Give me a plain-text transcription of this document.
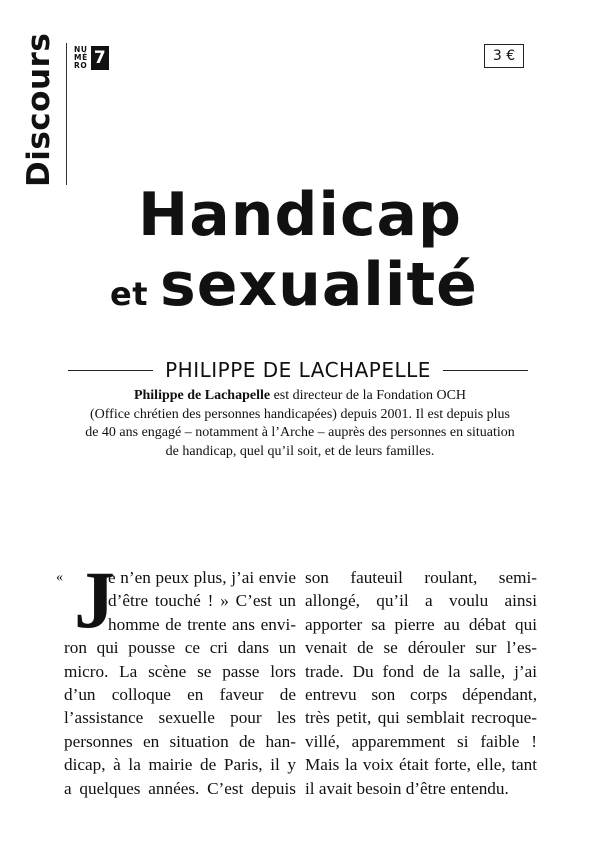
Discours NU
MÉ
RO 7	3 €
Handicap
et sexualité
PHILIPPE DE LACHAPELLE
Philippe de Lachapelle est directeur de la Fondation OCH
(Office chrétien des personnes handicapées) depuis 2001. Il est depuis plus
de 40 ans engagé – notamment à l’Arche – auprès des personnes en situation
de handicap, quel qu’il soit, et de leurs familles.
« J
e n’en peux plus, j’ai envie
d’être touché ! » C’est un
homme de trente ans envi-
ron qui pousse ce cri dans un
micro. La scène se passe lors
d’un colloque en faveur de
l’assistance sexuelle pour les
personnes en situation de han-
dicap, à la mairie de Paris, il y
a quelques années. C’est depuis
son fauteuil roulant, semi-
allongé, qu’il a voulu ainsi
apporter sa pierre au débat qui
venait de se dérouler sur l’es-
trade. Du fond de la salle, j’ai
entrevu son corps dépendant,
très petit, qui semblait recroque-
villé, apparemment si faible !
Mais la voix était forte, elle, tant
il avait besoin d’être entendu.
